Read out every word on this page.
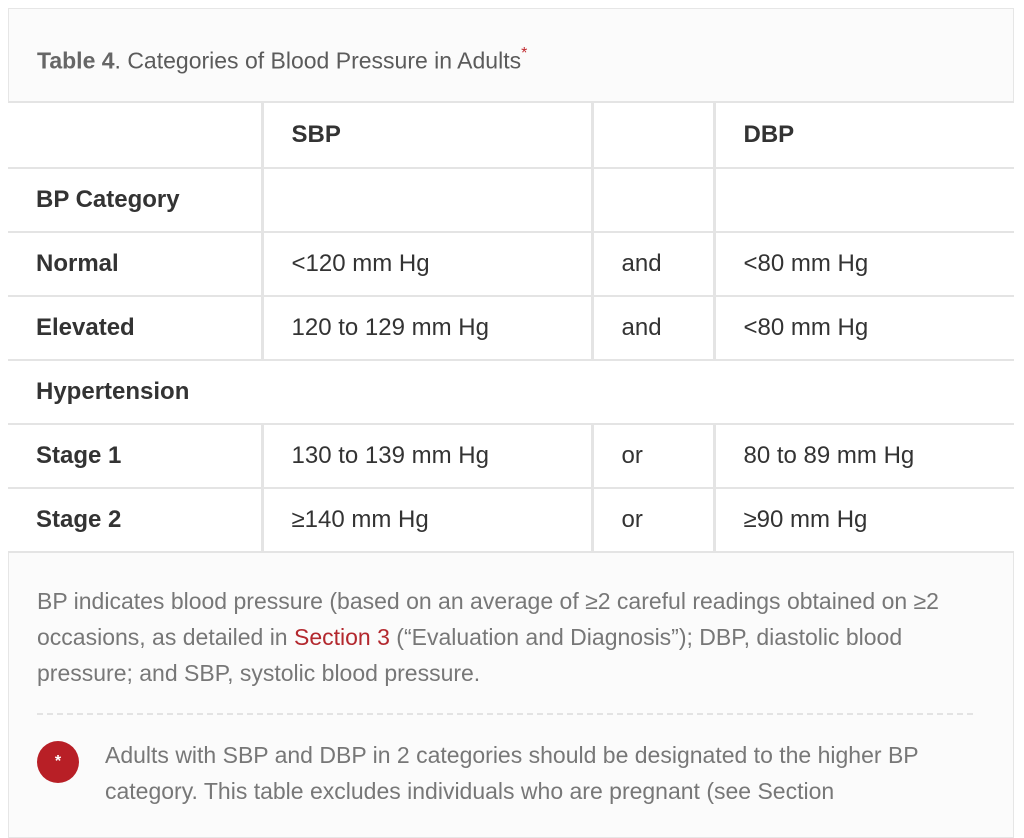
Table 4. Categories of Blood Pressure in Adults*
	SBP		DBP
BP Category			
Normal	<120 mm Hg	and	<80 mm Hg
Elevated	120 to 129 mm Hg	and	<80 mm Hg
Hypertension			
Stage 1	130 to 139 mm Hg	or	80 to 89 mm Hg
Stage 2	≥140 mm Hg	or	≥90 mm Hg
BP indicates blood pressure (based on an average of ≥2 careful readings obtained on ≥2 occasions, as detailed in Section 3 (“Evaluation and Diagnosis”); DBP, diastolic blood pressure; and SBP, systolic blood pressure.
*	Adults with SBP and DBP in 2 categories should be designated to the higher BP category. This table excludes individuals who are pregnant (see Section
